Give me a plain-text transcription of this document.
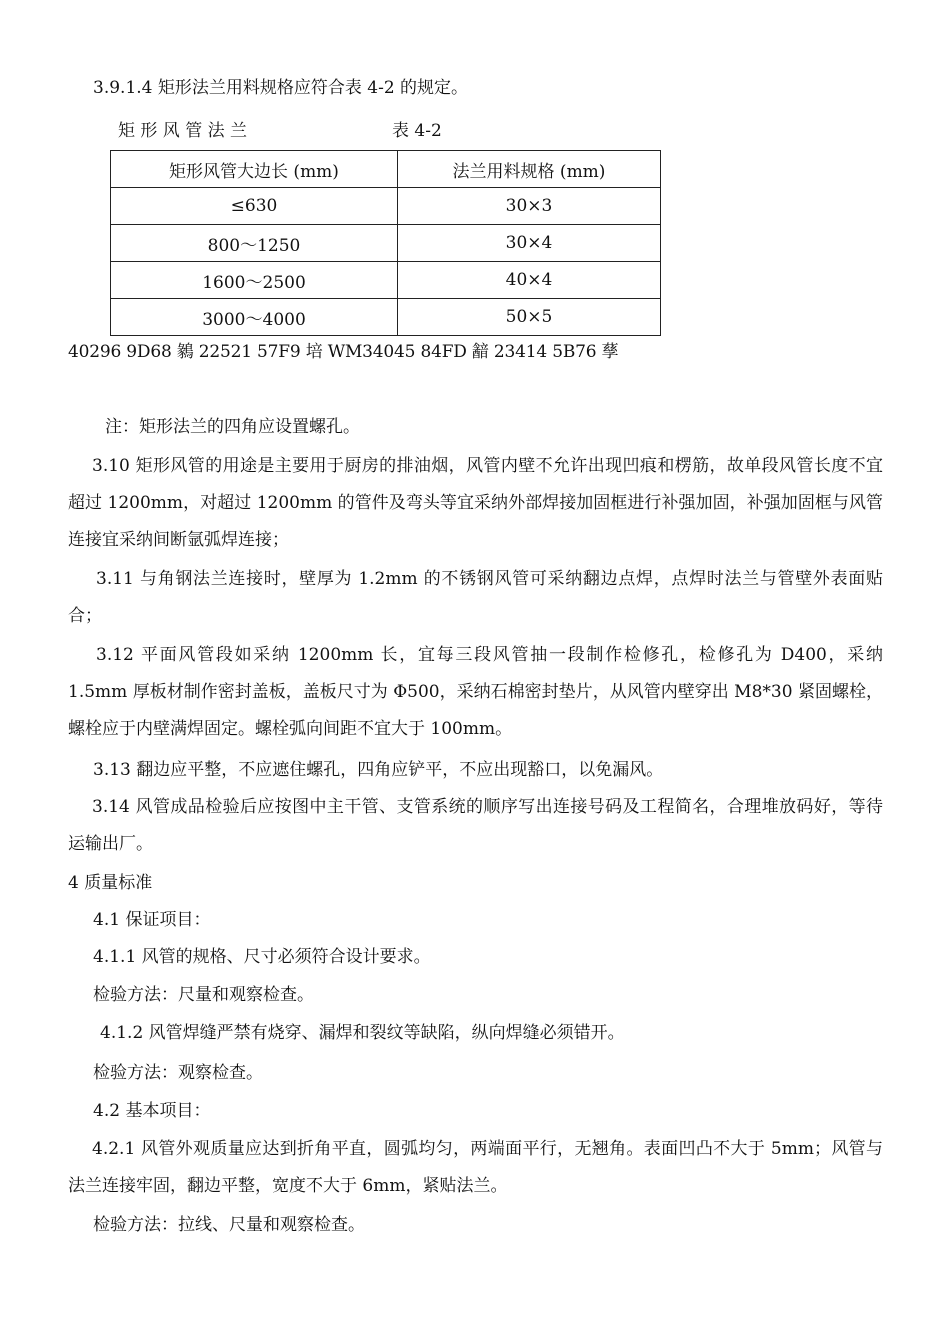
3.9.1.4 矩形法兰用料规格应符合表 4-2 的规定。
矩 形 风 管 法 兰	表 4-2
矩形风管大边长 (mm)	法兰用料规格 (mm)
≤630	30×3
800～1250	30×4
1600～2500	40×4
3000～4000	50×5
40296 9D68 鶨 22521 57F9 培 WM34045 84FD 韽 23414 5B76 孶
注：矩形法兰的四角应设置螺孔。

3.10 矩形风管的用途是主要用于厨房的排油烟，风管内壁不允许出现凹痕和楞筋，故单段风管长度不宜超过 1200mm，对超过 1200mm 的管件及弯头等宜采纳外部焊接加固框进行补强加固，补强加固框与风管连接宜采纳间断氩弧焊连接；

3.11 与角钢法兰连接时，壁厚为 1.2mm 的不锈钢风管可采纳翻边点焊，点焊时法兰与管壁外表面贴合；

3.12 平面风管段如采纳 1200mm 长，宜每三段风管抽一段制作检修孔，检修孔为 D400，采纳 1.5mm 厚板材制作密封盖板，盖板尺寸为 Φ500，采纳石棉密封垫片，从风管内壁穿出 M8*30 紧固螺栓，螺栓应于内壁满焊固定。螺栓弧向间距不宜大于 100mm。

3.13 翻边应平整，不应遮住螺孔，四角应铲平，不应出现豁口，以免漏风。

3.14 风管成品检验后应按图中主干管、支管系统的顺序写出连接号码及工程简名，合理堆放码好，等待运输出厂。

4 质量标准
4.1 保证项目：
4.1.1 风管的规格、尺寸必须符合设计要求。
检验方法：尺量和观察检查。
4.1.2 风管焊缝严禁有烧穿、漏焊和裂纹等缺陷，纵向焊缝必须错开。
检验方法：观察检查。
4.2 基本项目：

4.2.1 风管外观质量应达到折角平直，圆弧均匀，两端面平行，无翘角。表面凹凸不大于 5mm；风管与法兰连接牢固，翻边平整，宽度不大于 6mm，紧贴法兰。

检验方法：拉线、尺量和观察检查。
